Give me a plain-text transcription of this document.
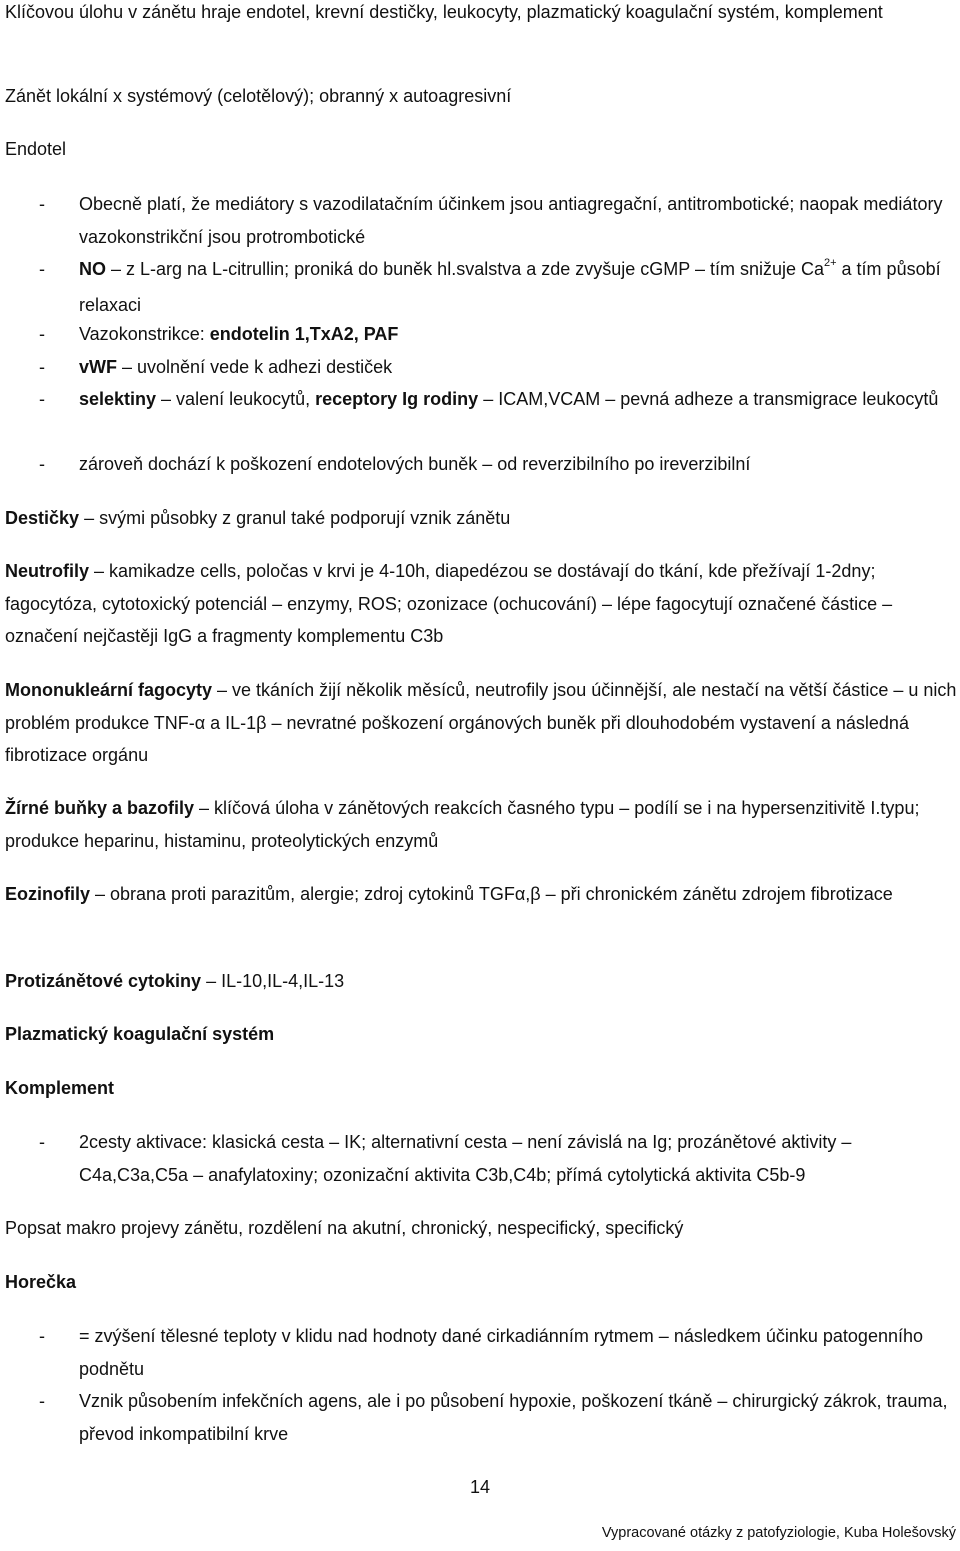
Klíčovou úlohu v zánětu hraje endotel, krevní destičky, leukocyty, plazmatický koagulační systém, komplement

Zánět lokální x systémový (celotělový); obranný x autoagresivní

Endotel

- Obecně platí, že mediátory s vazodilatačním účinkem jsou antiagregační, antitrombotické; naopak mediátory vazokonstrikční jsou protrombotické
- NO – z L-arg na L-citrullin; proniká do buněk hl.svalstva a zde zvyšuje cGMP – tím snižuje $Ca^{2+}$ a tím působí relaxaci
- Vazokonstrikce: endotelin 1,TxA2, PAF
- vWF – uvolnění vede k adhezi destiček
- selektiny – valení leukocytů, receptory Ig rodiny – ICAM,VCAM – pevná adheze a transmigrace leukocytů
- zároveň dochází k poškození endotelových buněk – od reverzibilního po ireverzibilní

Destičky – svými působky z granul také podporují vznik zánětu

Neutrofily – kamikadze cells, poločas v krvi je 4-10h, diapedézou se dostávají do tkání, kde přežívají 1-2dny; fagocytóza, cytotoxický potenciál – enzymy, ROS; ozonizace (ochucování) – lépe fagocytují označené částice – označení nejčastěji IgG a fragmenty komplementu C3b

Mononukleární fagocyty – ve tkáních žijí několik měsíců, neutrofily jsou účinnější, ale nestačí na větší částice – u nich problém produkce TNF-α a IL-1β – nevratné poškození orgánových buněk při dlouhodobém vystavení a následná fibrotizace orgánu

Žírné buňky a bazofily – klíčová úloha v zánětových reakcích časného typu – podílí se i na hypersenzitivitě I.typu; produkce heparinu, histaminu, proteolytických enzymů

Eozinofily – obrana proti parazitům, alergie; zdroj cytokinů TGFα,β – při chronickém zánětu zdrojem fibrotizace

Protizánětové cytokiny – IL-10,IL-4,IL-13

Plazmatický koagulační systém

Komplement

- 2cesty aktivace: klasická cesta – IK; alternativní cesta – není závislá na Ig; prozánětové aktivity – C4a,C3a,C5a – anafylatoxiny; ozonizační aktivita C3b,C4b; přímá cytolytická aktivita C5b-9

Popsat makro projevy zánětu, rozdělení na akutní, chronický, nespecifický, specifický

Horečka

- = zvýšení tělesné teploty v klidu nad hodnoty dané cirkadiánním rytmem – následkem účinku patogenního podnětu
- Vznik působením infekčních agens, ale i po působení hypoxie, poškození tkáně – chirurgický zákrok, trauma, převod inkompatibilní krve
14
Vypracované otázky z patofyziologie, Kuba Holešovský
